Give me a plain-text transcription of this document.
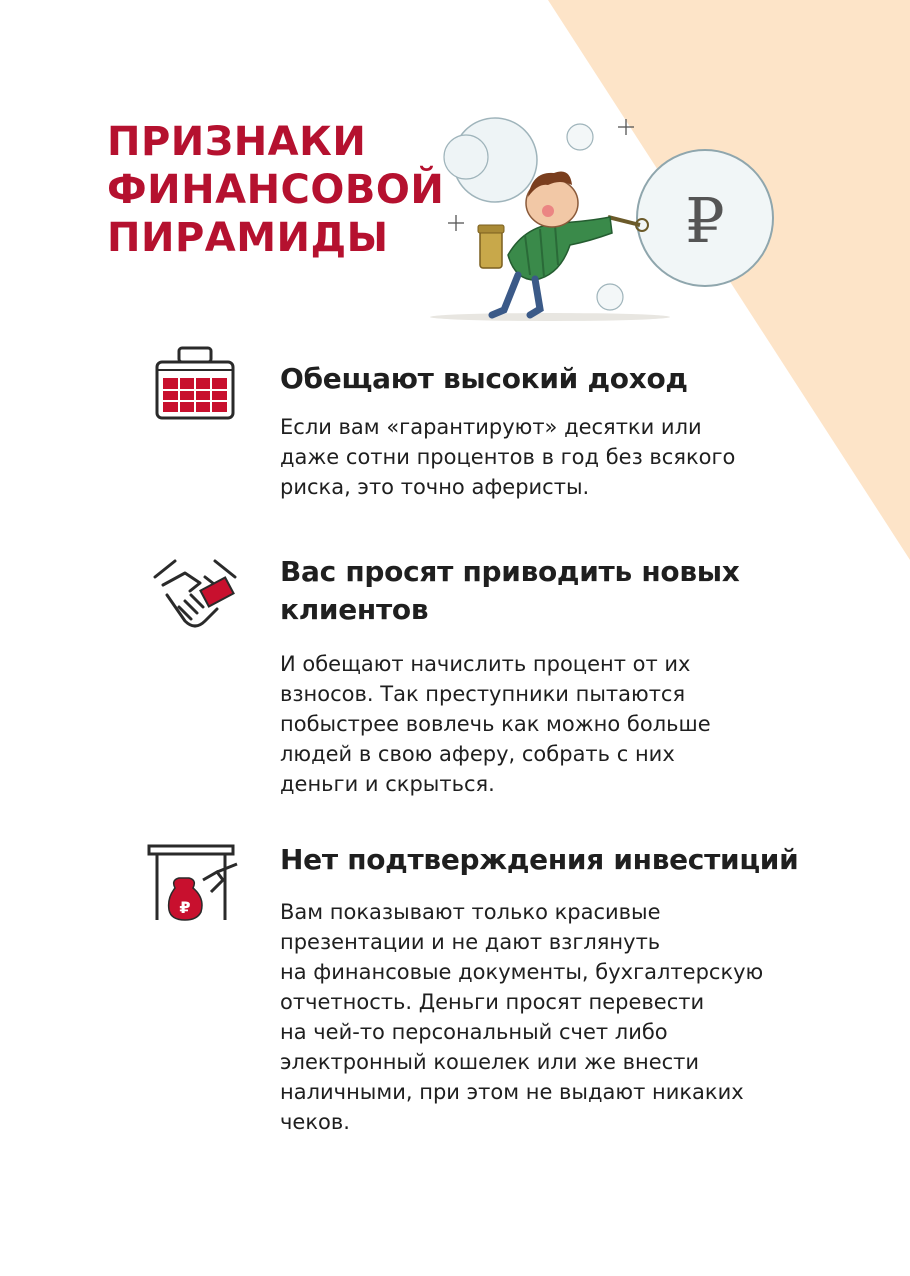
ПРИЗНАКИ
ФИНАНСОВОЙ
ПИРАМИДЫ	₽
Обещают высокий доход

Если вам «гарантируют» десятки или
даже сотни процентов в год без всякого
риска, это точно аферисты.

Вас просят приводить новых
клиентов

И обещают начислить процент от их
взносов. Так преступники пытаются
побыстрее вовлечь как можно больше
людей в свою аферу, собрать с них
деньги и скрыться.

₽
Нет подтверждения инвестиций

Вам показывают только красивые
презентации и не дают взглянуть
на финансовые документы, бухгалтерскую
отчетность. Деньги просят перевести
на чей-то персональный счет либо
электронный кошелек или же внести
наличными, при этом не выдают никаких
чеков.
